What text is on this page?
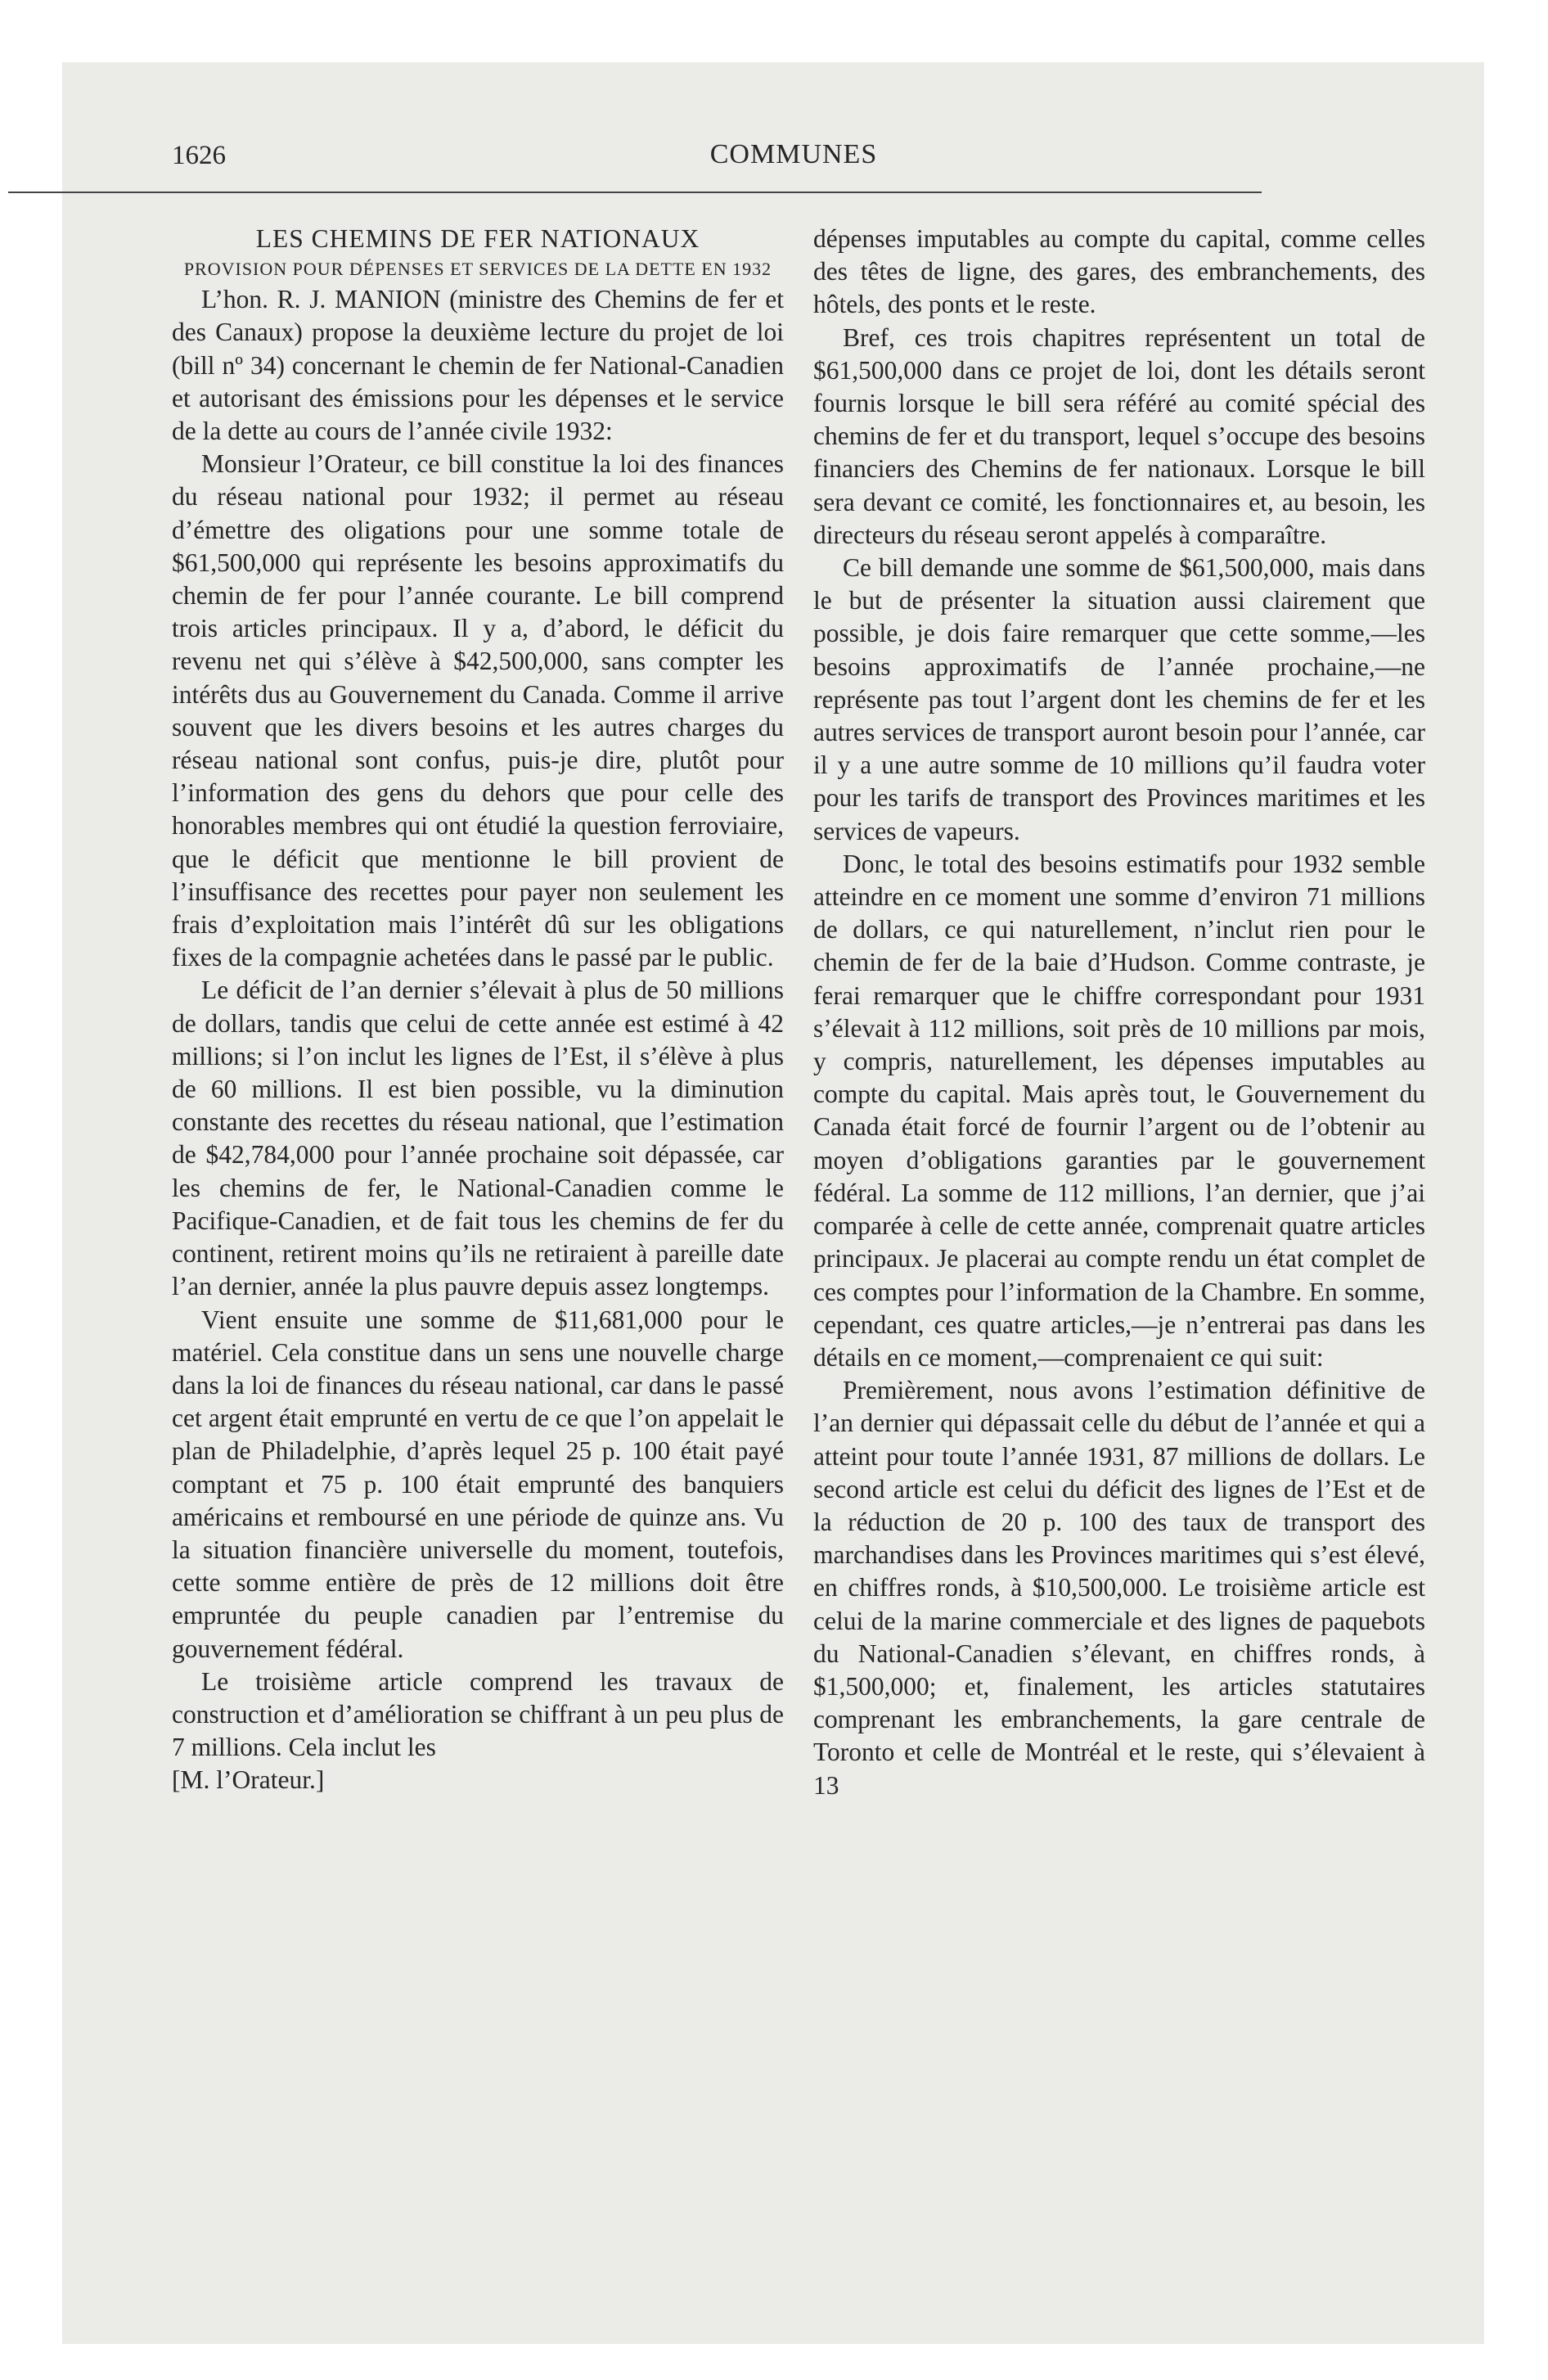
1626	COMMUNES

LES CHEMINS DE FER NATIONAUX

PROVISION POUR DÉPENSES ET SERVICES DE LA DETTE EN 1932

L’hon. R. J. MANION (ministre des Chemins de fer et des Canaux) propose la deuxième lecture du projet de loi (bill nº 34) concernant le chemin de fer National-Canadien et autorisant des émissions pour les dépenses et le service de la dette au cours de l’année civile 1932:

Monsieur l’Orateur, ce bill constitue la loi des finances du réseau national pour 1932; il permet au réseau d’émettre des oligations pour une somme totale de $61,500,000 qui représente les besoins approximatifs du chemin de fer pour l’année courante. Le bill comprend trois articles principaux. Il y a, d’abord, le déficit du revenu net qui s’élève à $42,500,000, sans compter les intérêts dus au Gouvernement du Canada. Comme il arrive souvent que les divers besoins et les autres charges du réseau national sont confus, puis-je dire, plutôt pour l’information des gens du dehors que pour celle des honorables membres qui ont étudié la question ferroviaire, que le déficit que mentionne le bill provient de l’insuffisance des recettes pour payer non seulement les frais d’exploitation mais l’intérêt dû sur les obligations fixes de la compagnie achetées dans le passé par le public.

Le déficit de l’an dernier s’élevait à plus de 50 millions de dollars, tandis que celui de cette année est estimé à 42 millions; si l’on inclut les lignes de l’Est, il s’élève à plus de 60 millions. Il est bien possible, vu la diminution constante des recettes du réseau national, que l’estimation de $42,784,000 pour l’année prochaine soit dépassée, car les chemins de fer, le National-Canadien comme le Pacifique-Canadien, et de fait tous les chemins de fer du continent, retirent moins qu’ils ne retiraient à pareille date l’an dernier, année la plus pauvre depuis assez longtemps.

Vient ensuite une somme de $11,681,000 pour le matériel. Cela constitue dans un sens une nouvelle charge dans la loi de finances du réseau national, car dans le passé cet argent était emprunté en vertu de ce que l’on appelait le plan de Philadelphie, d’après lequel 25 p. 100 était payé comptant et 75 p. 100 était emprunté des banquiers américains et remboursé en une période de quinze ans. Vu la situation financière universelle du moment, toutefois, cette somme entière de près de 12 millions doit être empruntée du peuple canadien par l’entremise du gouvernement fédéral.

Le troisième article comprend les travaux de construction et d’amélioration se chiffrant à un peu plus de 7 millions. Cela inclut les

[M. l’Orateur.]

dépenses imputables au compte du capital, comme celles des têtes de ligne, des gares, des embranchements, des hôtels, des ponts et le reste.

Bref, ces trois chapitres représentent un total de $61,500,000 dans ce projet de loi, dont les détails seront fournis lorsque le bill sera référé au comité spécial des chemins de fer et du transport, lequel s’occupe des besoins financiers des Chemins de fer nationaux. Lorsque le bill sera devant ce comité, les fonctionnaires et, au besoin, les directeurs du réseau seront appelés à comparaître.

Ce bill demande une somme de $61,500,000, mais dans le but de présenter la situation aussi clairement que possible, je dois faire remarquer que cette somme,—les besoins approximatifs de l’année prochaine,—ne représente pas tout l’argent dont les chemins de fer et les autres services de transport auront besoin pour l’année, car il y a une autre somme de 10 millions qu’il faudra voter pour les tarifs de transport des Provinces maritimes et les services de vapeurs.

Donc, le total des besoins estimatifs pour 1932 semble atteindre en ce moment une somme d’environ 71 millions de dollars, ce qui naturellement, n’inclut rien pour le chemin de fer de la baie d’Hudson. Comme contraste, je ferai remarquer que le chiffre correspondant pour 1931 s’élevait à 112 millions, soit près de 10 millions par mois, y compris, naturellement, les dépenses imputables au compte du capital. Mais après tout, le Gouvernement du Canada était forcé de fournir l’argent ou de l’obtenir au moyen d’obligations garanties par le gouvernement fédéral. La somme de 112 millions, l’an dernier, que j’ai comparée à celle de cette année, comprenait quatre articles principaux. Je placerai au compte rendu un état complet de ces comptes pour l’information de la Chambre. En somme, cependant, ces quatre articles,—je n’entrerai pas dans les détails en ce moment,—comprenaient ce qui suit:

Premièrement, nous avons l’estimation définitive de l’an dernier qui dépassait celle du début de l’année et qui a atteint pour toute l’année 1931, 87 millions de dollars. Le second article est celui du déficit des lignes de l’Est et de la réduction de 20 p. 100 des taux de transport des marchandises dans les Provinces maritimes qui s’est élevé, en chiffres ronds, à $10,500,000. Le troisième article est celui de la marine commerciale et des lignes de paquebots du National-Canadien s’élevant, en chiffres ronds, à $1,500,000; et, finalement, les articles statutaires comprenant les embranchements, la gare centrale de Toronto et celle de Montréal et le reste, qui s’élevaient à 13
